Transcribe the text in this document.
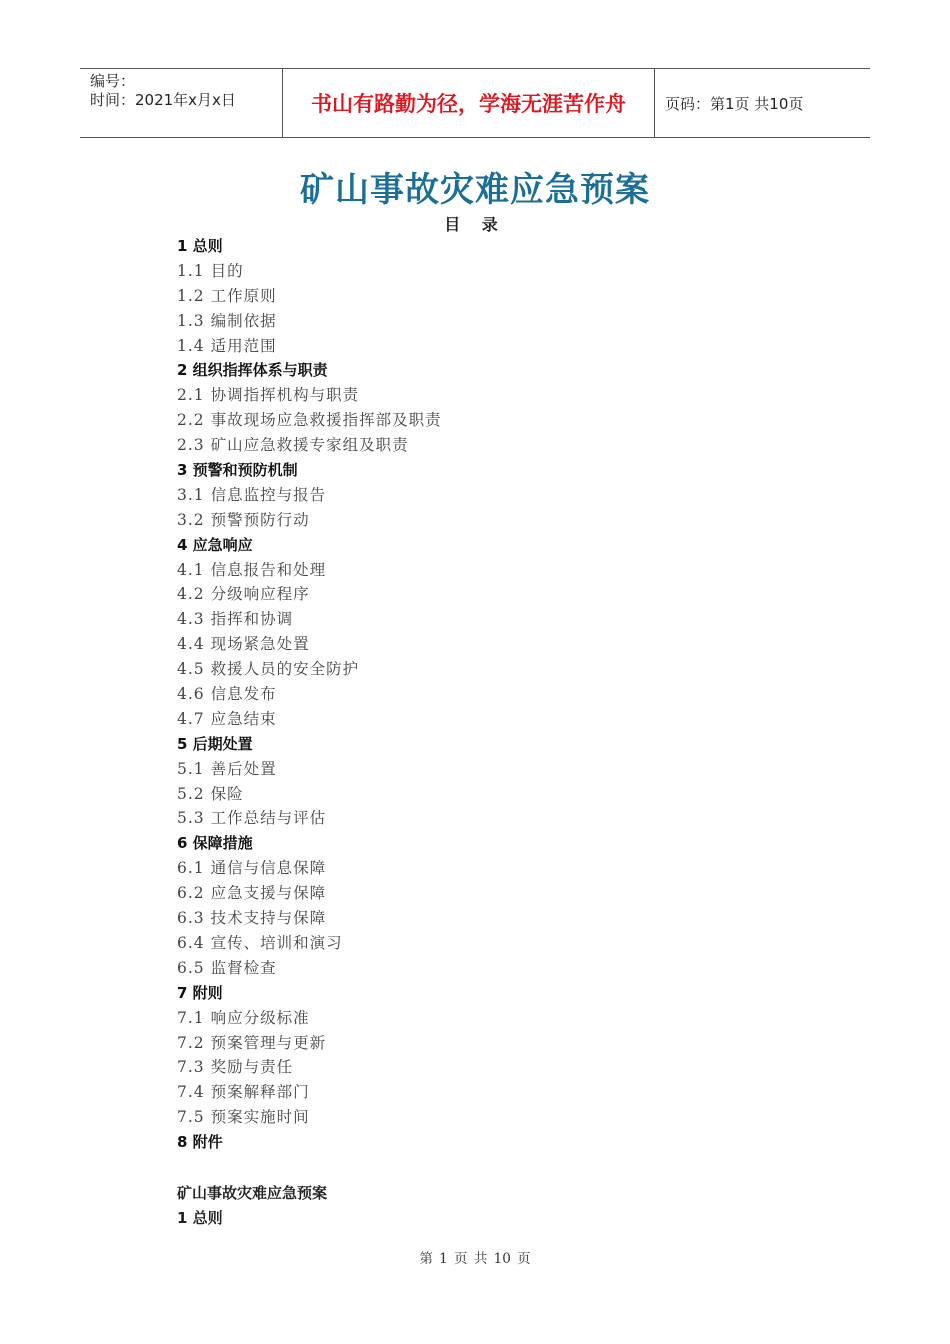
编号：
时间：2021年x月x日	书山有路勤为径，学海无涯苦作舟	页码：第1页 共10页
矿山事故灾难应急预案
目 录
1 总则
1.1 目的
1.2 工作原则
1.3 编制依据
1.4 适用范围
2 组织指挥体系与职责
2.1 协调指挥机构与职责
2.2 事故现场应急救援指挥部及职责
2.3 矿山应急救援专家组及职责
3 预警和预防机制
3.1 信息监控与报告
3.2 预警预防行动
4 应急响应
4.1 信息报告和处理
4.2 分级响应程序
4.3 指挥和协调
4.4 现场紧急处置
4.5 救援人员的安全防护
4.6 信息发布
4.7 应急结束
5 后期处置
5.1 善后处置
5.2 保险
5.3 工作总结与评估
6 保障措施
6.1 通信与信息保障
6.2 应急支援与保障
6.3 技术支持与保障
6.4 宣传、培训和演习
6.5 监督检查
7 附则
7.1 响应分级标准
7.2 预案管理与更新
7.3 奖励与责任
7.4 预案解释部门
7.5 预案实施时间
8 附件
矿山事故灾难应急预案
1 总则
第 1 页 共 10 页
